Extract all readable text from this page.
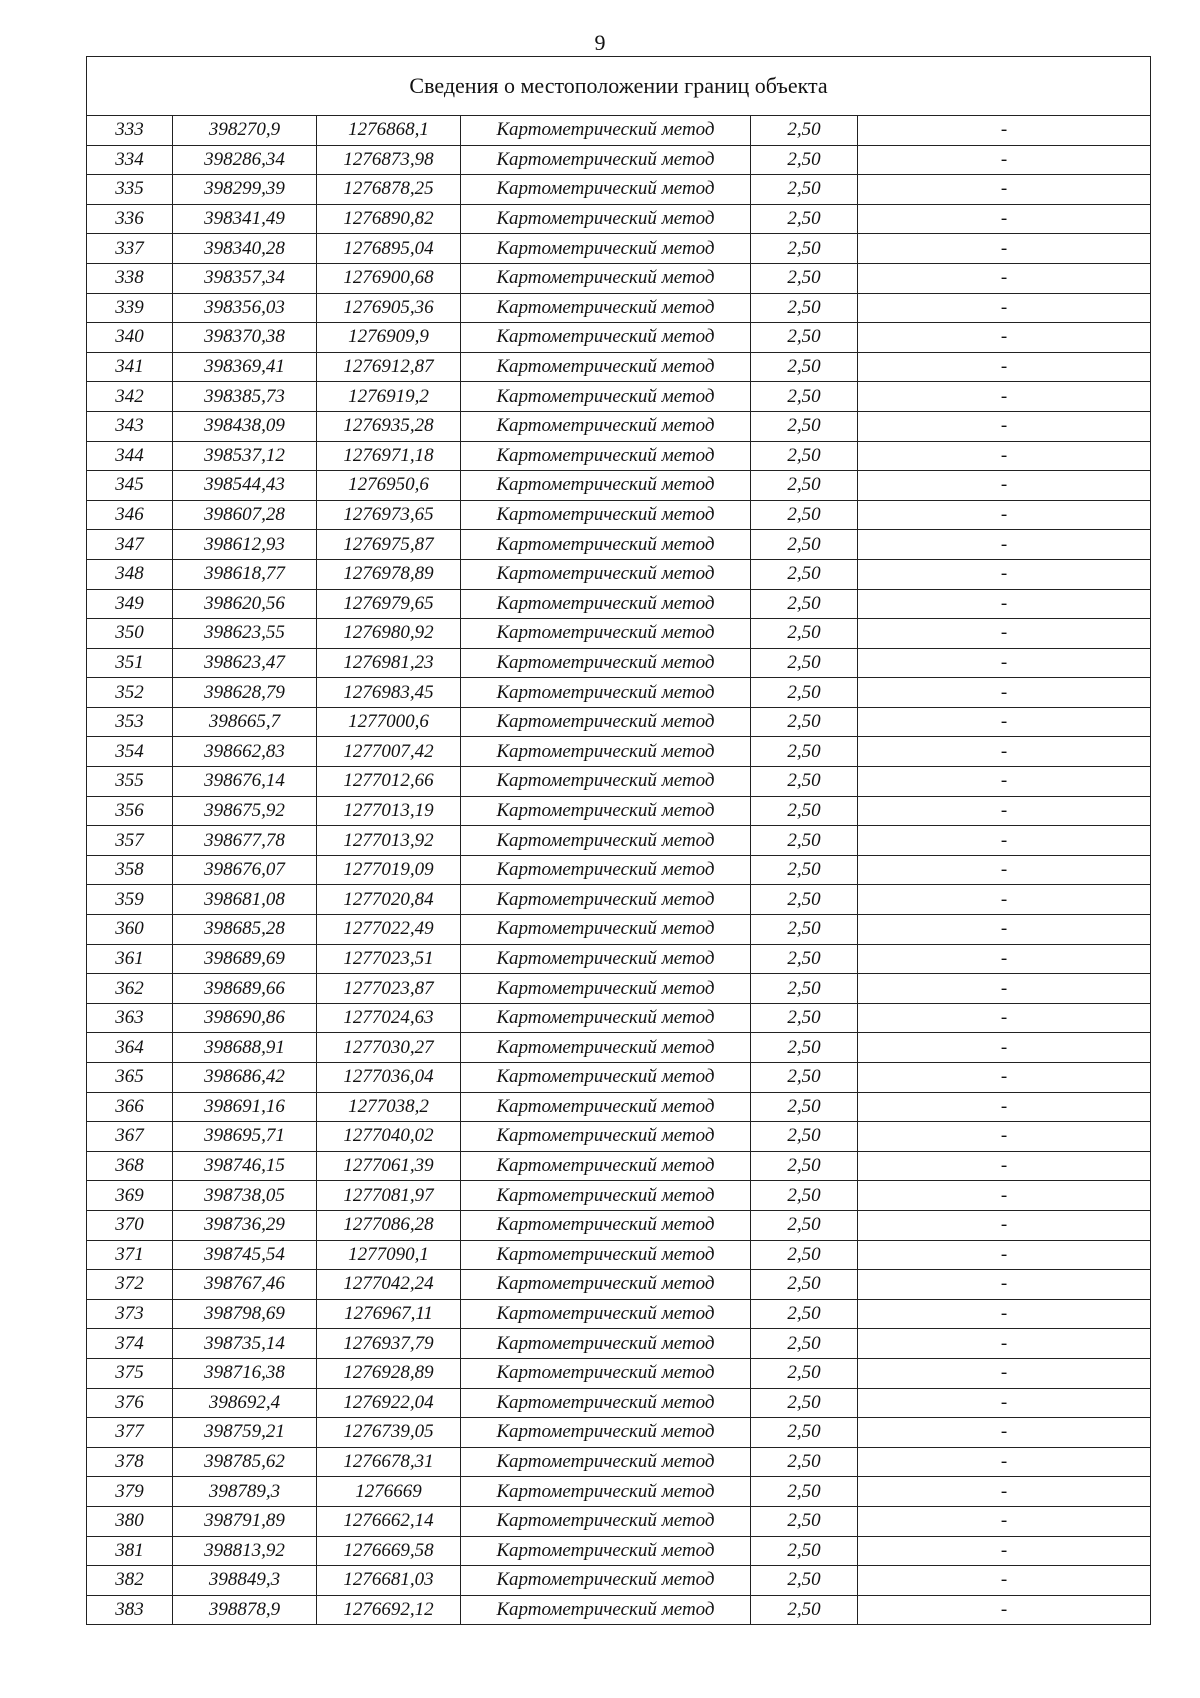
9
Сведения о местоположении границ объекта					
333	398270,9	1276868,1	Картометрический метод	2,50	-
334	398286,34	1276873,98	Картометрический метод	2,50	-
335	398299,39	1276878,25	Картометрический метод	2,50	-
336	398341,49	1276890,82	Картометрический метод	2,50	-
337	398340,28	1276895,04	Картометрический метод	2,50	-
338	398357,34	1276900,68	Картометрический метод	2,50	-
339	398356,03	1276905,36	Картометрический метод	2,50	-
340	398370,38	1276909,9	Картометрический метод	2,50	-
341	398369,41	1276912,87	Картометрический метод	2,50	-
342	398385,73	1276919,2	Картометрический метод	2,50	-
343	398438,09	1276935,28	Картометрический метод	2,50	-
344	398537,12	1276971,18	Картометрический метод	2,50	-
345	398544,43	1276950,6	Картометрический метод	2,50	-
346	398607,28	1276973,65	Картометрический метод	2,50	-
347	398612,93	1276975,87	Картометрический метод	2,50	-
348	398618,77	1276978,89	Картометрический метод	2,50	-
349	398620,56	1276979,65	Картометрический метод	2,50	-
350	398623,55	1276980,92	Картометрический метод	2,50	-
351	398623,47	1276981,23	Картометрический метод	2,50	-
352	398628,79	1276983,45	Картометрический метод	2,50	-
353	398665,7	1277000,6	Картометрический метод	2,50	-
354	398662,83	1277007,42	Картометрический метод	2,50	-
355	398676,14	1277012,66	Картометрический метод	2,50	-
356	398675,92	1277013,19	Картометрический метод	2,50	-
357	398677,78	1277013,92	Картометрический метод	2,50	-
358	398676,07	1277019,09	Картометрический метод	2,50	-
359	398681,08	1277020,84	Картометрический метод	2,50	-
360	398685,28	1277022,49	Картометрический метод	2,50	-
361	398689,69	1277023,51	Картометрический метод	2,50	-
362	398689,66	1277023,87	Картометрический метод	2,50	-
363	398690,86	1277024,63	Картометрический метод	2,50	-
364	398688,91	1277030,27	Картометрический метод	2,50	-
365	398686,42	1277036,04	Картометрический метод	2,50	-
366	398691,16	1277038,2	Картометрический метод	2,50	-
367	398695,71	1277040,02	Картометрический метод	2,50	-
368	398746,15	1277061,39	Картометрический метод	2,50	-
369	398738,05	1277081,97	Картометрический метод	2,50	-
370	398736,29	1277086,28	Картометрический метод	2,50	-
371	398745,54	1277090,1	Картометрический метод	2,50	-
372	398767,46	1277042,24	Картометрический метод	2,50	-
373	398798,69	1276967,11	Картометрический метод	2,50	-
374	398735,14	1276937,79	Картометрический метод	2,50	-
375	398716,38	1276928,89	Картометрический метод	2,50	-
376	398692,4	1276922,04	Картометрический метод	2,50	-
377	398759,21	1276739,05	Картометрический метод	2,50	-
378	398785,62	1276678,31	Картометрический метод	2,50	-
379	398789,3	1276669	Картометрический метод	2,50	-
380	398791,89	1276662,14	Картометрический метод	2,50	-
381	398813,92	1276669,58	Картометрический метод	2,50	-
382	398849,3	1276681,03	Картометрический метод	2,50	-
383	398878,9	1276692,12	Картометрический метод	2,50	-
